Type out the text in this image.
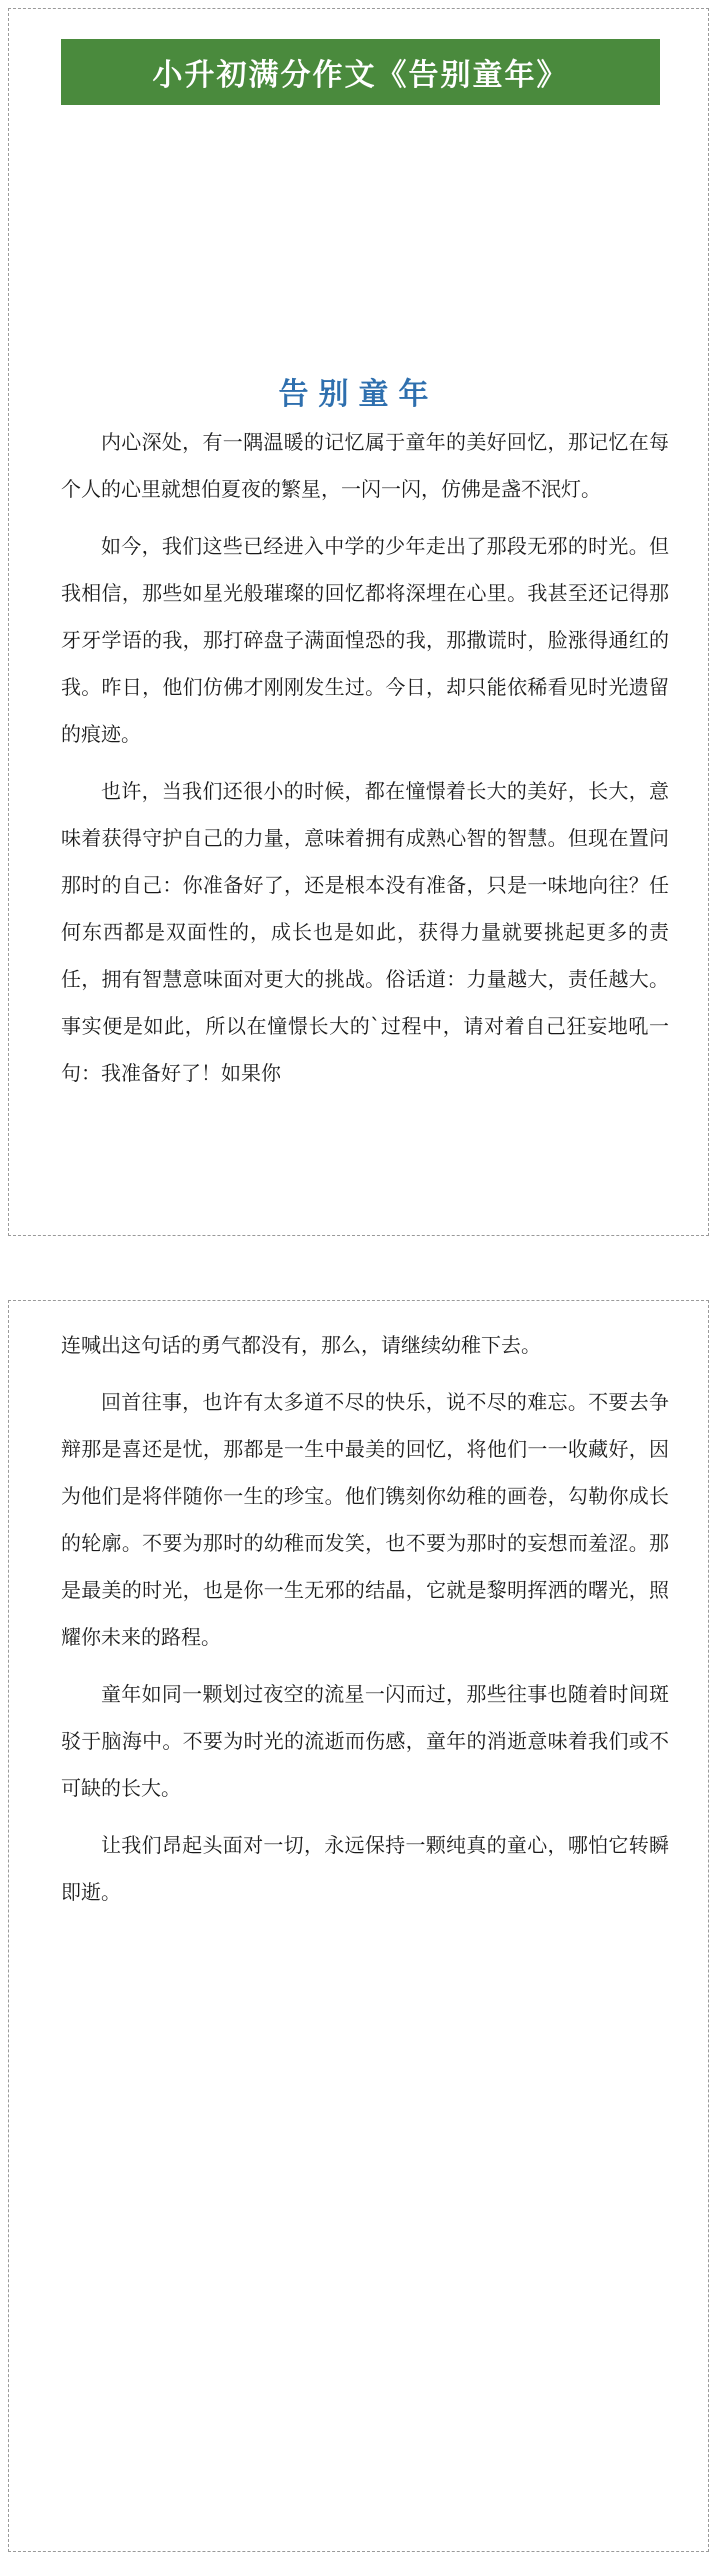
小升初满分作文《告别童年》
告别童年

内心深处，有一隅温暖的记忆属于童年的美好回忆，那记忆在每个人的心里就想伯夏夜的繁星，一闪一闪，仿佛是盏不泯灯。

如今，我们这些已经进入中学的少年走出了那段无邪的时光。但我相信，那些如星光般璀璨的回忆都将深埋在心里。我甚至还记得那牙牙学语的我，那打碎盘子满面惶恐的我，那撒谎时，脸涨得通红的我。昨日，他们仿佛才刚刚发生过。今日，却只能依稀看见时光遗留的痕迹。

也许，当我们还很小的时候，都在憧憬着长大的美好，长大，意味着获得守护自己的力量，意味着拥有成熟心智的智慧。但现在置问那时的自己：你准备好了，还是根本没有准备，只是一味地向往？任何东西都是双面性的，成长也是如此，获得力量就要挑起更多的责任，拥有智慧意味面对更大的挑战。俗话道：力量越大，责任越大。事实便是如此，所以在憧憬长大的`过程中，请对着自己狂妄地吼一句：我准备好了！如果你

连喊出这句话的勇气都没有，那么，请继续幼稚下去。

回首往事，也许有太多道不尽的快乐，说不尽的难忘。不要去争辩那是喜还是忧，那都是一生中最美的回忆，将他们一一收藏好，因为他们是将伴随你一生的珍宝。他们镌刻你幼稚的画卷，勾勒你成长的轮廓。不要为那时的幼稚而发笑，也不要为那时的妄想而羞涩。那是最美的时光，也是你一生无邪的结晶，它就是黎明挥洒的曙光，照耀你未来的路程。

童年如同一颗划过夜空的流星一闪而过，那些往事也随着时间斑驳于脑海中。不要为时光的流逝而伤感，童年的消逝意味着我们或不可缺的长大。

让我们昂起头面对一切，永远保持一颗纯真的童心，哪怕它转瞬即逝。
